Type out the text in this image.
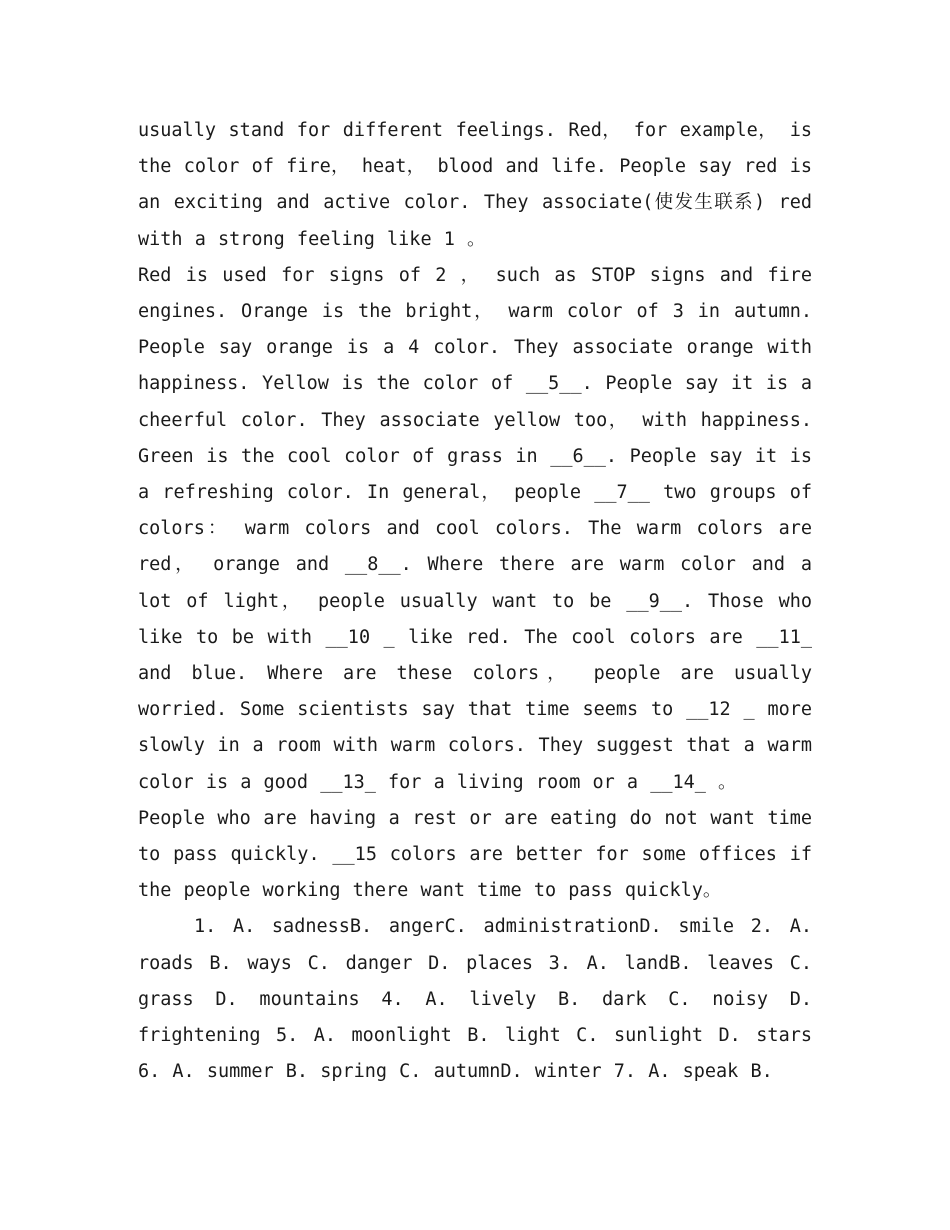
usually stand for different feelings. Red， for example， is the color of fire， heat， blood and life. People say red is an exciting and active color. They associate(使发生联系) red with a strong feeling like 1 。

Red is used for signs of 2 ， such as STOP signs and fire engines. Orange is the bright， warm color of 3 in autumn. People say orange is a 4 color. They associate orange with happiness. Yellow is the color of __5__. People say it is a cheerful color. They associate yellow too， with happiness. Green is the cool color of grass in __6__. People say it is a refreshing color. In general， people __7__ two groups of colors： warm colors and cool colors. The warm colors are red， orange and __8__. Where there are warm color and a lot of light， people usually want to be __9__. Those who like to be with __10 _ like red. The cool colors are __11_ and blue. Where are these colors， people are usually worried. Some scientists say that time seems to __12 _ more slowly in a room with warm colors. They suggest that a warm color is a good __13_ for a living room or a __14_ 。

People who are having a rest or are eating do not want time to pass quickly. __15 colors are better for some offices if the people working there want time to pass quickly。

1. A. sadnessB. angerC. administrationD. smile 2. A. roads B. ways C. danger D. places 3. A. landB. leaves C. grass D. mountains 4. A. lively B. dark C. noisy D. frightening 5. A. moonlight B. light C. sunlight D. stars 6. A. summer B. spring C. autumnD. winter 7. A. speak B.
